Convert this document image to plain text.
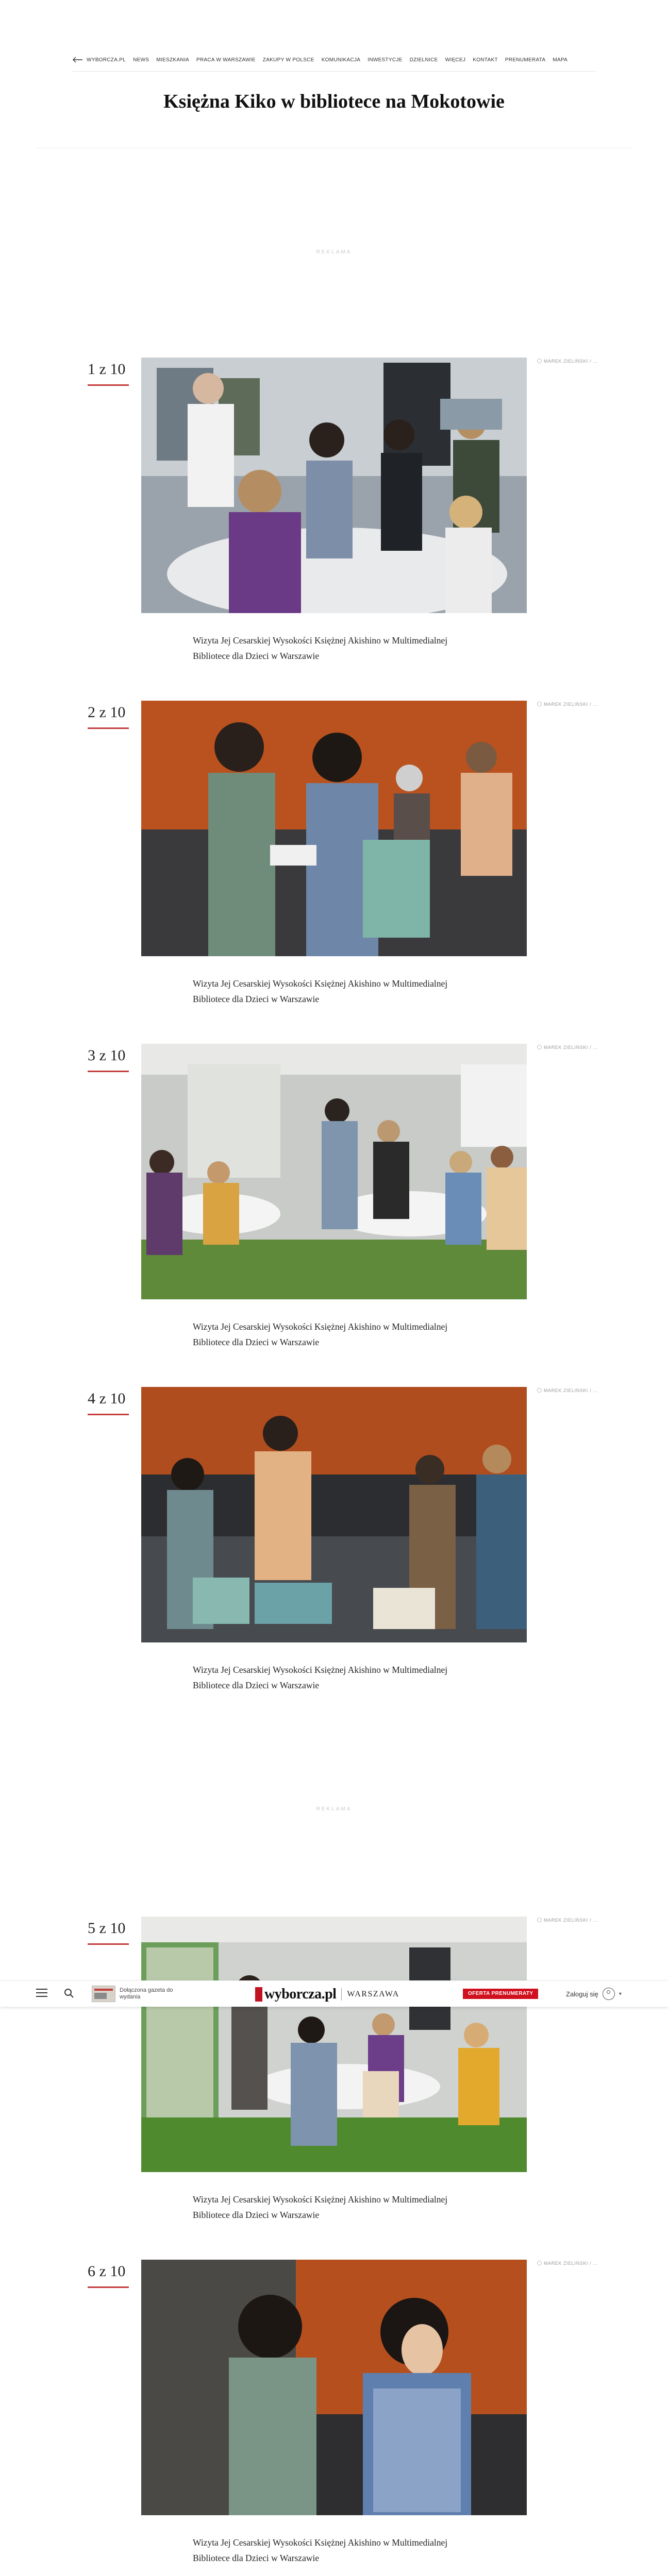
WYBORCZA.PL NEWS MIESZKANIA PRACA W WARSZAWIE ZAKUPY W POLSCE KOMUNIKACJA INWESTYCJE DZIELNICE WIĘCEJ KONTAKT PRENUMERATA MAPA
Księżna Kiko w bibliotece na Mokotowie
REKLAMA
1 z 10	MAREK ZIELIŃSKI / …
Wizyta Jej Cesarskiej Wysokości Księżnej Akishino w Multimedialnej Bibliotece dla Dzieci w Warszawie
2 z 10	MAREK ZIELIŃSKI / …
Wizyta Jej Cesarskiej Wysokości Księżnej Akishino w Multimedialnej Bibliotece dla Dzieci w Warszawie
3 z 10	MAREK ZIELIŃSKI / …
Wizyta Jej Cesarskiej Wysokości Księżnej Akishino w Multimedialnej Bibliotece dla Dzieci w Warszawie
4 z 10	MAREK ZIELIŃSKI / …
Wizyta Jej Cesarskiej Wysokości Księżnej Akishino w Multimedialnej Bibliotece dla Dzieci w Warszawie
REKLAMA
5 z 10	MAREK ZIELIŃSKI / …
Wizyta Jej Cesarskiej Wysokości Księżnej Akishino w Multimedialnej Bibliotece dla Dzieci w Warszawie
6 z 10	MAREK ZIELIŃSKI / …
Wizyta Jej Cesarskiej Wysokości Księżnej Akishino w Multimedialnej Bibliotece dla Dzieci w Warszawie
Dołączona gazeta do wydania	wyborcza.pl WARSZAWA	OFERTA PRENUMERATY	Zaloguj się	▾
